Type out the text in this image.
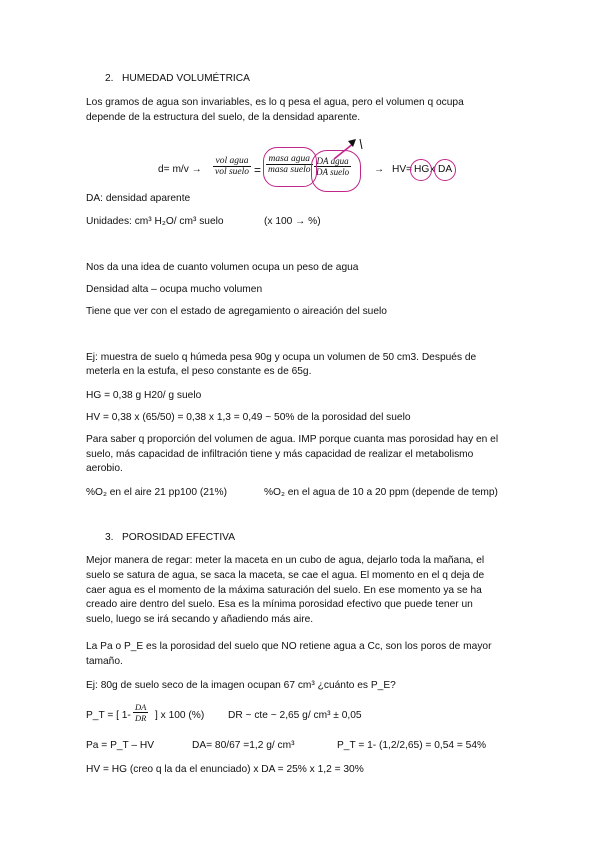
2.   HUMEDAD VOLUMÉTRICA
Los gramos de agua son invariables, es lo q pesa el agua, pero el volumen q ocupa
depende de la estructura del suelo, de la densidad aparente.
d= m/v →
vol agua
vol suelo =
masa agua
masa suelo
DA agua
DA suelo → HV= HG x DA
DA: densidad aparente
Unidades: cm³ H₂O/ cm³ suelo	(x 100 → %)
Nos da una idea de cuanto volumen ocupa un peso de agua
Densidad alta – ocupa mucho volumen
Tiene que ver con el estado de agregamiento o aireación del suelo
Ej: muestra de suelo q húmeda pesa 90g y ocupa un volumen de 50 cm3. Después de
meterla en la estufa, el peso constante es de 65g.
HG = 0,38 g H20/ g suelo
HV = 0,38 x (65/50) = 0,38 x 1,3 = 0,49 ~ 50% de la porosidad del suelo
Para saber q proporción del volumen de agua. IMP porque cuanta mas porosidad hay en el
suelo, más capacidad de infiltración tiene y más capacidad de realizar el metabolismo
aerobio.
%O₂ en el aire 21 pp100 (21%)	%O₂ en el agua de 10 a 20 ppm (depende de temp)
3.   POROSIDAD EFECTIVA
Mejor manera de regar: meter la maceta en un cubo de agua, dejarlo toda la mañana, el
suelo se satura de agua, se saca la maceta, se cae el agua. El momento en el q deja de
caer agua es el momento de la máxima saturación del suelo. En ese momento ya se ha
creado aire dentro del suelo. Esa es la mínima porosidad efectivo que puede tener un
suelo, luego se irá secando y añadiendo más aire.
La Pa o P_E es la porosidad del suelo que NO retiene agua a Cc, son los poros de mayor
tamaño.
Ej: 80g de suelo seco de la imagen ocupan 67 cm³ ¿cuánto es P_E?
P_T = [ 1-
DA
DR ] x 100 (%) DR ~ cte ~ 2,65 g/ cm³ ± 0,05
Pa = P_T – HV	DA= 80/67 =1,2 g/ cm³	P_T = 1- (1,2/2,65) = 0,54 = 54%
HV = HG (creo q la da el enunciado) x DA = 25% x 1,2 = 30%
